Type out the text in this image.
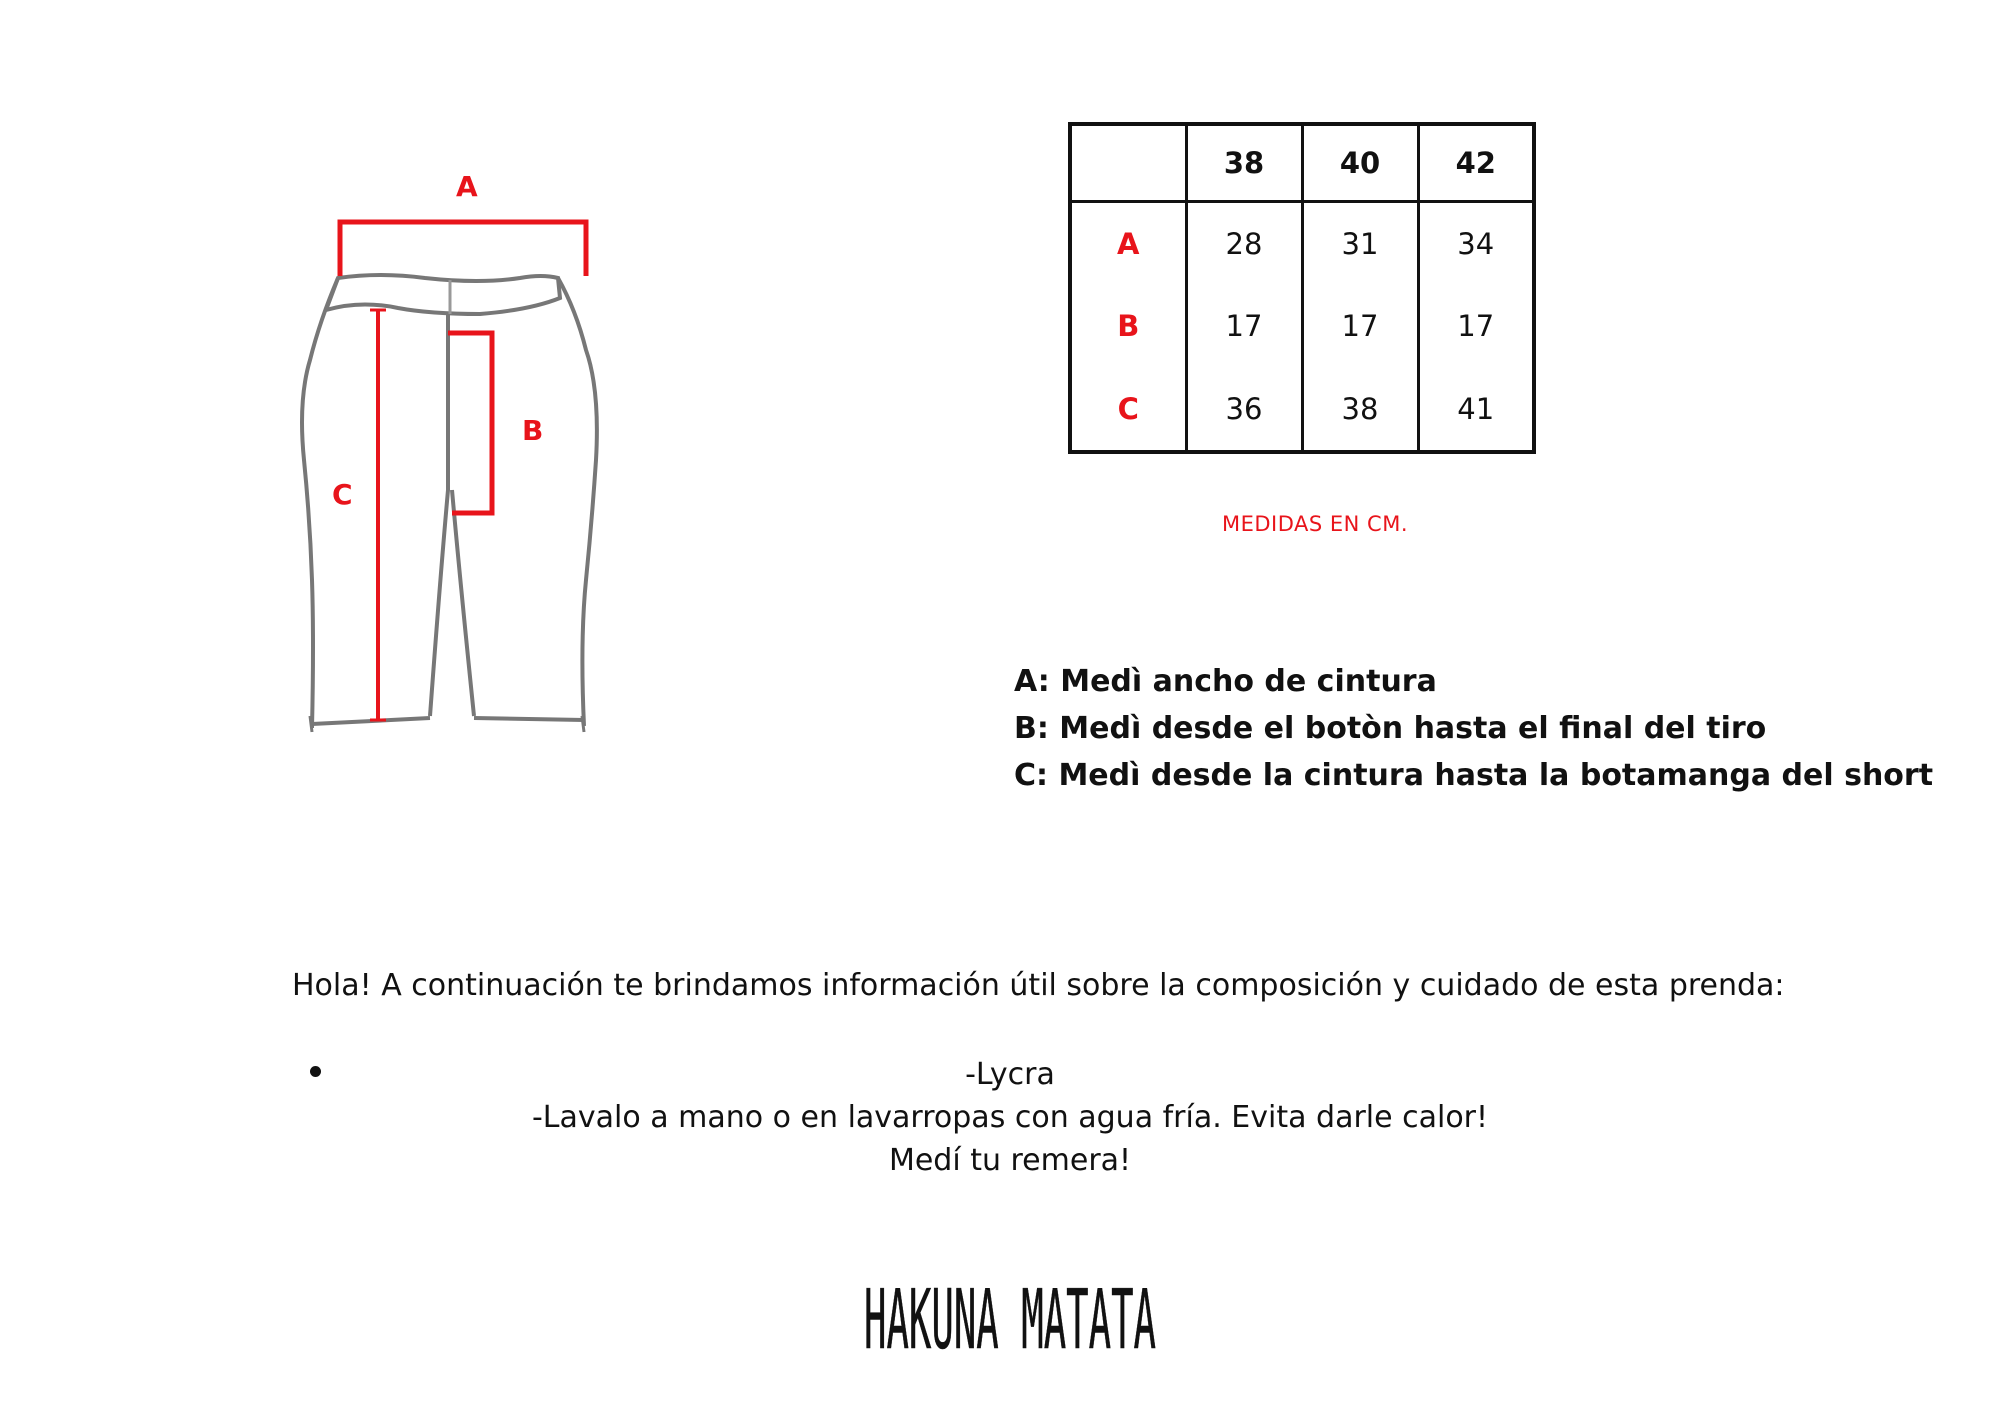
A
B
C
	38	40	42
A	28	31	34
B	17	17	17
C	36	38	41
MEDIDAS EN CM.
A: Medì ancho de cintura
B: Medì desde el botòn hasta el final del tiro
C: Medì desde la cintura hasta la botamanga del short
Hola! A continuación te brindamos información útil sobre la composición y cuidado de esta prenda:
-Lycra
-Lavalo a mano o en lavarropas con agua fría. Evita darle calor!
Medí tu remera!
HAKUNA MATATA
